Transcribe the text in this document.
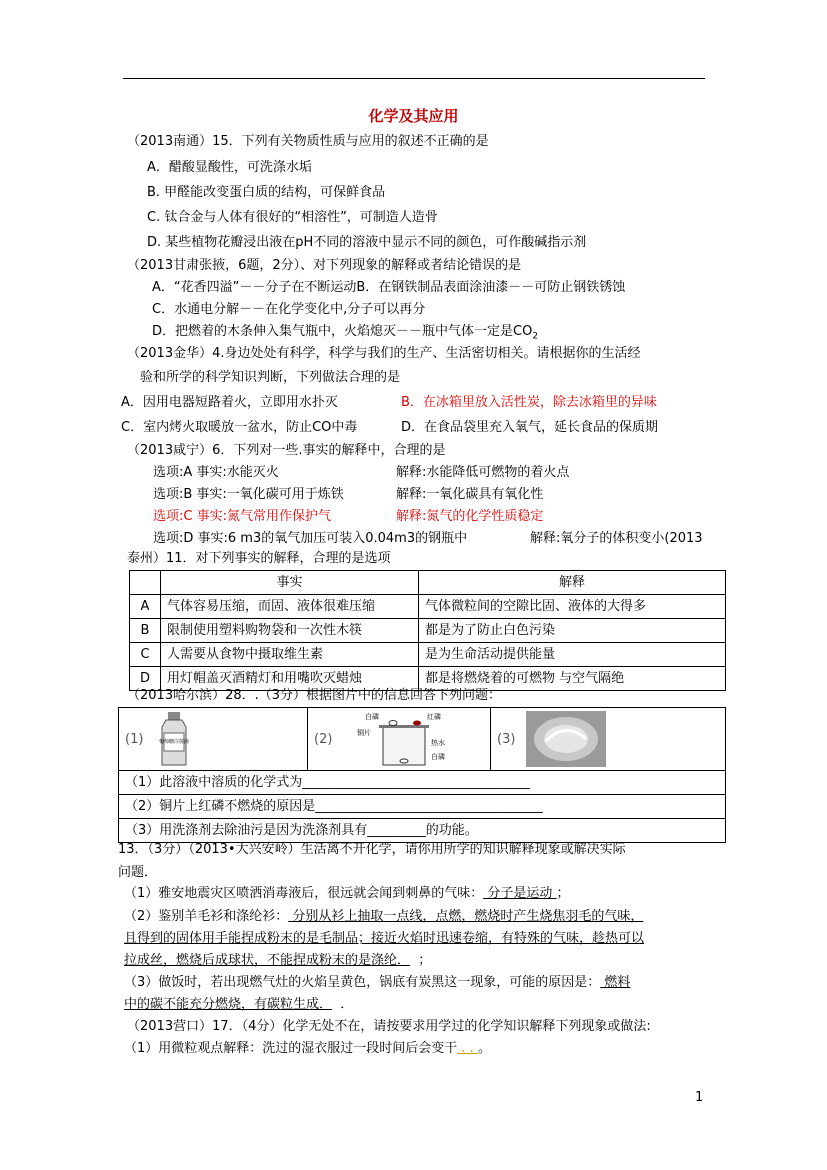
化学及其应用
（2013南通）15．下列有关物质性质与应用的叙述不正确的是
A．醋酸显酸性，可洗涤水垢
B. 甲醛能改变蛋白质的结构，可保鲜食品
C. 钛合金与人体有很好的“相溶性”，可制造人造骨
D. 某些植物花瓣浸出液在pH不同的溶液中显示不同的颜色，可作酸碱指示剂
（2013甘肃张掖，6题，2分）、对下列现象的解释或者结论错误的是
A．“花香四溢”－－分子在不断运动B．在钢铁制品表面涂油漆－－可防止钢铁锈蚀
C．水通电分解－－在化学变化中,分子可以再分
D．把燃着的木条伸入集气瓶中，火焰熄灭－－瓶中气体一定是$CO_2$
（2013金华）4.身边处处有科学，科学与我们的生产、生活密切相关。请根据你的生活经
验和所学的科学知识判断，下列做法合理的是
A．因用电器短路着火，立即用水扑灭	B．在冰箱里放入活性炭，除去冰箱里的异味
C．室内烤火取暖放一盆水，防止CO中毒	D．在食品袋里充入氧气，延长食品的保质期
（2013咸宁）6．下列对一些.事实的解释中，合理的是
选项:A 事实:水能灭火	解释:水能降低可燃物的着火点
选项:B 事实:一氧化碳可用于炼铁	解释:一氧化碳具有氧化性
选项:C 事实:氮气常用作保护气	解释:氮气的化学性质稳定
选项:D 事实:6 m3的氧气加压可装入0.04m3的钢瓶中	解释:氧分子的体积变小(2013
泰州）11．对下列事实的解释，合理的是选项
	事实	解释
A	气体容易压缩，而固、液体很难压缩	气体微粒间的空隙比固、液体的大得多
B	限制使用塑料购物袋和一次性木筷	都是为了防止白色污染
C	人需要从食物中摄取维生素	是为生命活动提供能量
D	用灯帽盖灭酒精灯和用嘴吹灭蜡烛	都是将燃烧着的可燃物 与空气隔绝
（2013哈尔滨）28．.（3分）根据图片中的信息回答下列问题：
(1)	葡萄糖注射液	(2)
白磷	红磷
铜片
热水
白磷
	(3)
（1）此溶液中溶质的化学式为___________________________________
（2）铜片上红磷不燃烧的原因是___________________________________
（3）用洗涤剂去除油污是因为洗涤剂具有_________的功能。
13．（3分）（2013•大兴安岭）生活离不开化学，请你用所学的知识解释现象或解决实际
问题．
（1）雅安地震灾区喷洒消毒液后，很远就会闻到刺鼻的气味： 分子是运动 ；
（2）鉴别羊毛衫和涤纶衫： 分别从衫上抽取一点线，点燃，燃烧时产生烧焦羽毛的气味，
且得到的固体用手能捏成粉末的是毛制品；接近火焰时迅速卷缩，有特殊的气味，趁热可以
拉成丝，燃烧后成球状，不能捏成粉末的是涤纶． ；
（3）做饭时，若出现燃气灶的火焰呈黄色，锅底有炭黑这一现象，可能的原因是： 燃料
中的碳不能充分燃烧，有碳粒生成． ．
（2013营口）17．（4分）化学无处不在，请按要求用学过的化学知识解释下列现象或做法:
（1）用微粒观点解释：洗过的湿衣服过一段时间后会变干 . . 。
1
